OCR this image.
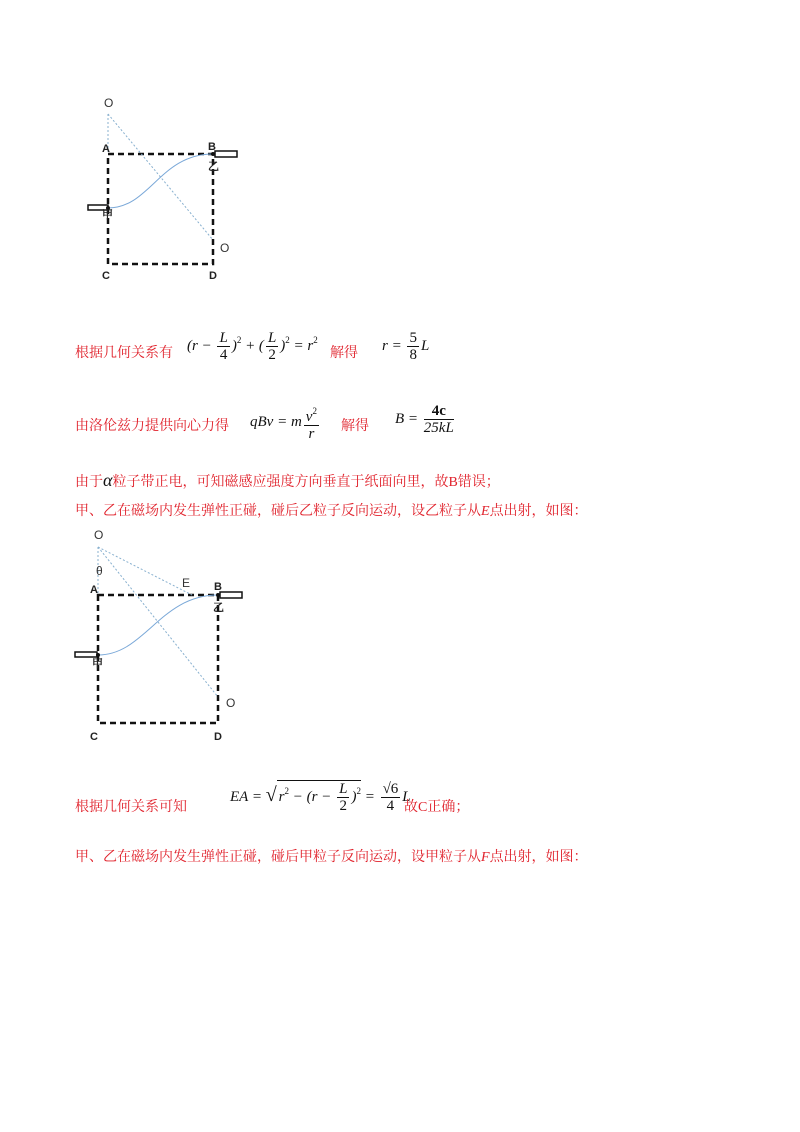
O
A	B
乙
甲
O
C	D
根据几何关系有 $(r - \frac{L}{4} )^2$ + ( $\frac{L}{2} )^2 = r^2$
解得 $r = \frac{5}{8}$ L
由洛伦兹力提供向心力得 qBv = m $\frac{v^2}{r}$ 解得 $B = \frac{4c}{25kL}$
由于α粒子带正电，可知磁感应强度方向垂直于纸面向里，故B错误；
甲、乙在磁场内发生弹性正碰，碰后乙粒子反向运动，设乙粒子从E点出射，如图：
O
θ
A	E B
乙
甲
O
C	D
根据几何关系可知
EA = √ $r^2 - (r - \frac{L}{2} )^2 = \frac{√6}{4}$ L
故C正确；
甲、乙在磁场内发生弹性正碰，碰后甲粒子反向运动，设甲粒子从F点出射，如图：
